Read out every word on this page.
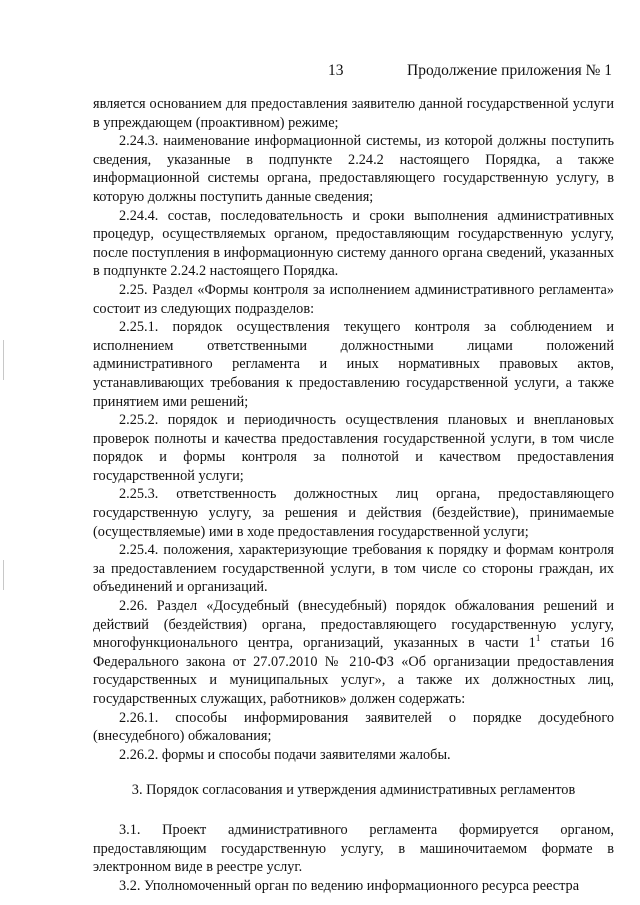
13	Продолжение приложения № 1

является основанием для предоставления заявителю данной государственной услуги в упреждающем (проактивном) режиме;

2.24.3. наименование информационной системы, из которой должны поступить сведения, указанные в подпункте 2.24.2 настоящего Порядка, а также информационной системы органа, предоставляющего государственную услугу, в которую должны поступить данные сведения;

2.24.4. состав, последовательность и сроки выполнения административных процедур, осуществляемых органом, предоставляющим государственную услугу, после поступления в информационную систему данного органа сведений, указанных в подпункте 2.24.2 настоящего Порядка.

2.25. Раздел «Формы контроля за исполнением административного регламента» состоит из следующих подразделов:

2.25.1. порядок осуществления текущего контроля за соблюдением и исполнением ответственными должностными лицами положений административного регламента и иных нормативных правовых актов, устанавливающих требования к предоставлению государственной услуги, а также принятием ими решений;

2.25.2. порядок и периодичность осуществления плановых и внеплановых проверок полноты и качества предоставления государственной услуги, в том числе порядок и формы контроля за полнотой и качеством предоставления государственной услуги;

2.25.3. ответственность должностных лиц органа, предоставляющего государственную услугу, за решения и действия (бездействие), принимаемые (осуществляемые) ими в ходе предоставления государственной услуги;

2.25.4. положения, характеризующие требования к порядку и формам контроля за предоставлением государственной услуги, в том числе со стороны граждан, их объединений и организаций.

2.26. Раздел «Досудебный (внесудебный) порядок обжалования решений и действий (бездействия) органа, предоставляющего государственную услугу, многофункционального центра, организаций, указанных в части $1^1$ статьи 16 Федерального закона от 27.07.2010 № 210-ФЗ «Об организации предоставления государственных и муниципальных услуг», а также их должностных лиц, государственных служащих, работников» должен содержать:

2.26.1. способы информирования заявителей о порядке досудебного (внесудебного) обжалования;

2.26.2. формы и способы подачи заявителями жалобы.

3. Порядок согласования и утверждения административных регламентов

3.1. Проект административного регламента формируется органом, предоставляющим государственную услугу, в машиночитаемом формате в электронном виде в реестре услуг.

3.2. Уполномоченный орган по ведению информационного ресурса реестра
